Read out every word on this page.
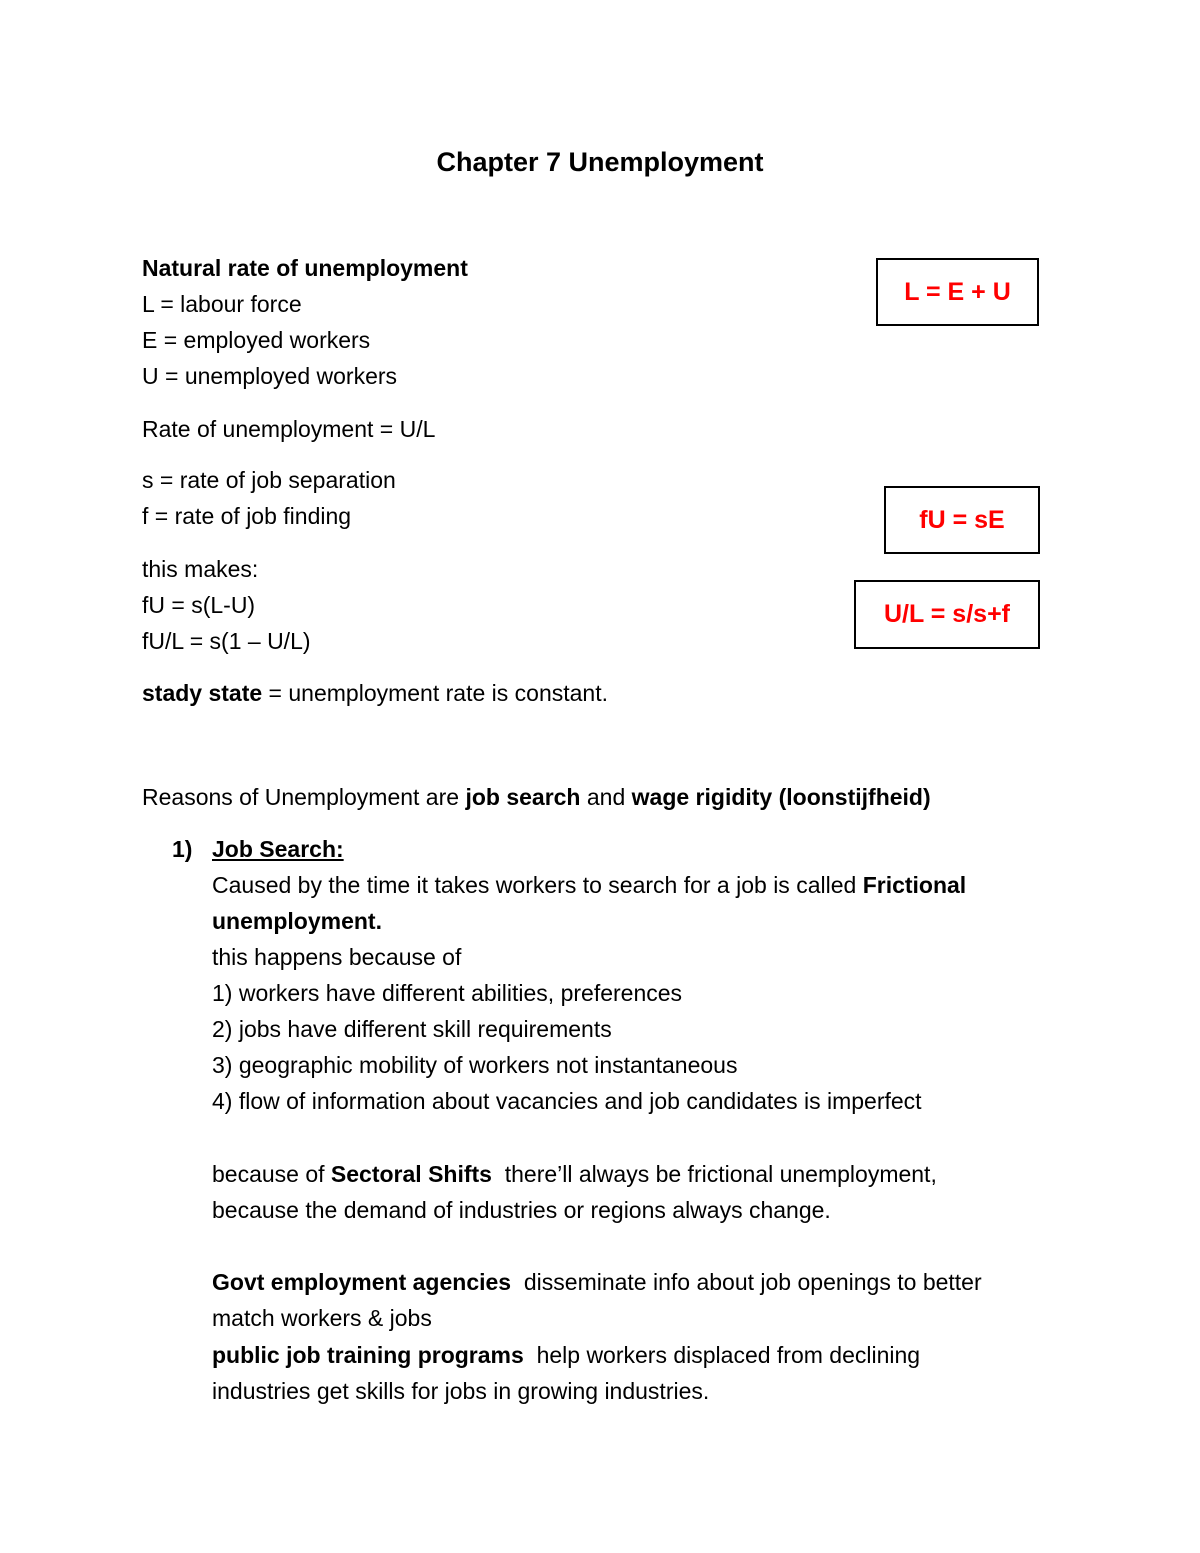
Chapter 7 Unemployment
Natural rate of unemployment
L = labour force
E = employed workers
U = unemployed workers
Rate of unemployment = U/L
s = rate of job separation
f = rate of job finding
this makes:
fU = s(L-U)
fU/L = s(1 – U/L)
stady state = unemployment rate is constant.
L = E + U
fU = sE
U/L = s/s+f
Reasons of Unemployment are job search and wage rigidity (loonstijfheid)
1) Job Search:
Caused by the time it takes workers to search for a job is called Frictional
unemployment.
this happens because of
1) workers have different abilities, preferences
2) jobs have different skill requirements
3) geographic mobility of workers not instantaneous
4) flow of information about vacancies and job candidates is imperfect
because of Sectoral Shifts  there’ll always be frictional unemployment,
because the demand of industries or regions always change.
Govt employment agencies  disseminate info about job openings to better
match workers & jobs
public job training programs  help workers displaced from declining
industries get skills for jobs in growing industries.
